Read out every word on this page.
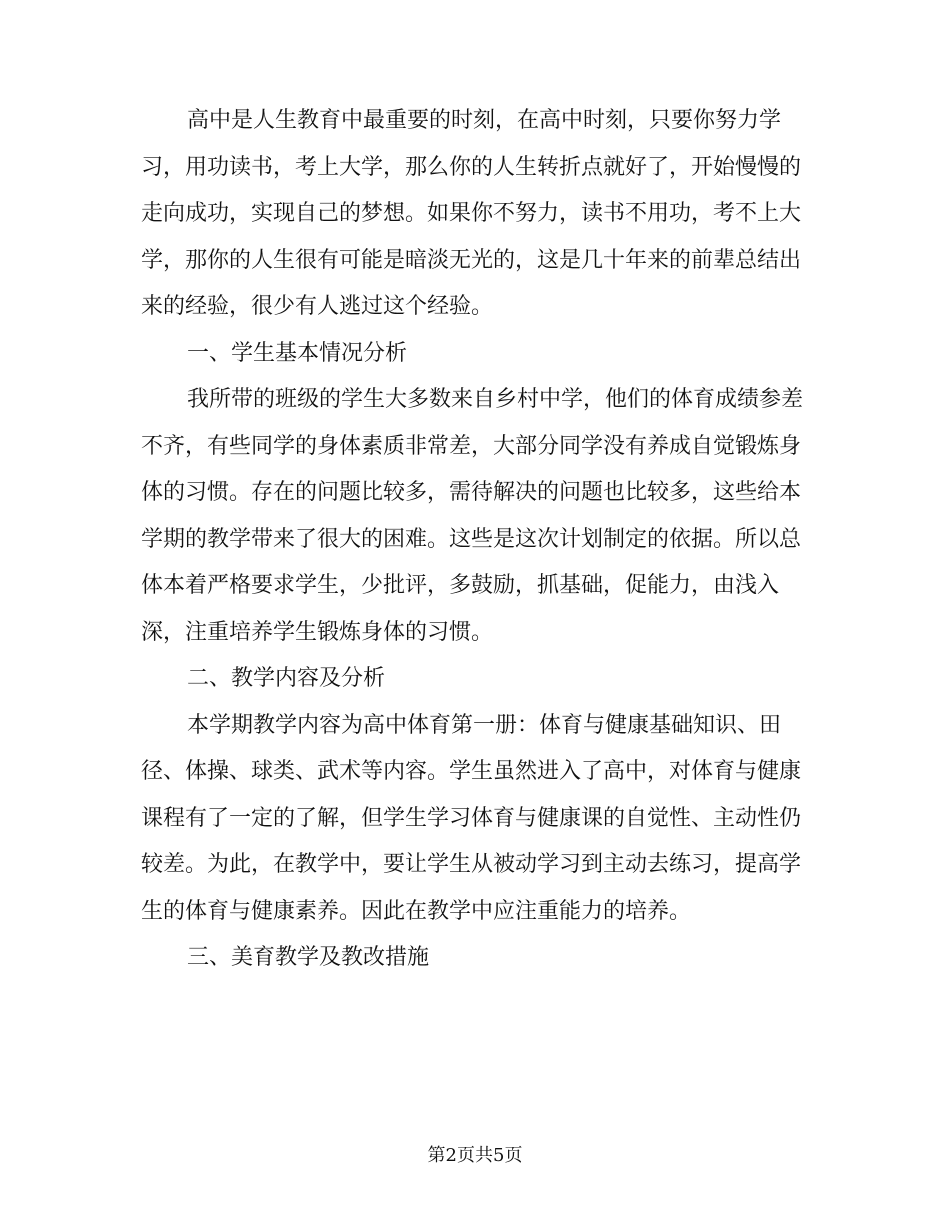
高中是人生教育中最重要的时刻，在高中时刻，只要你努力学
习，用功读书，考上大学，那么你的人生转折点就好了，开始慢慢的
走向成功，实现自己的梦想。如果你不努力，读书不用功，考不上大
学，那你的人生很有可能是暗淡无光的，这是几十年来的前辈总结出
来的经验，很少有人逃过这个经验。
一、学生基本情况分析
我所带的班级的学生大多数来自乡村中学，他们的体育成绩参差
不齐，有些同学的身体素质非常差，大部分同学没有养成自觉锻炼身
体的习惯。存在的问题比较多，需待解决的问题也比较多，这些给本
学期的教学带来了很大的困难。这些是这次计划制定的依据。所以总
体本着严格要求学生，少批评，多鼓励，抓基础，促能力，由浅入
深，注重培养学生锻炼身体的习惯。
二、教学内容及分析
本学期教学内容为高中体育第一册：体育与健康基础知识、田
径、体操、球类、武术等内容。学生虽然进入了高中，对体育与健康
课程有了一定的了解，但学生学习体育与健康课的自觉性、主动性仍
较差。为此，在教学中，要让学生从被动学习到主动去练习，提高学
生的体育与健康素养。因此在教学中应注重能力的培养。
三、美育教学及教改措施
第2页共5页
